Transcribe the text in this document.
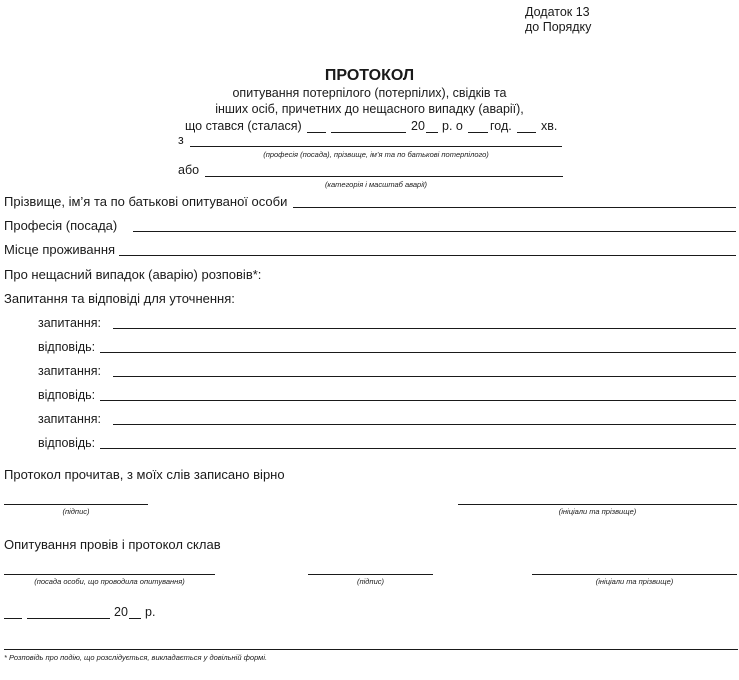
Додаток 13
до Порядку
ПРОТОКОЛ
опитування потерпілого (потерпілих), свідків та
інших осіб, причетних до нещасного випадку (аварії),
що стався (сталася)	20 р. о год. хв.
з
(професія (посада), прізвище, ім’я та по батькові потерпілого)
або
(категорія і масштаб аварії)
Прізвище, ім’я та по батькові опитуваної особи
Професія (посада)
Місце проживання
Про нещасний випадок (аварію) розповів*:
Запитання та відповіді для уточнення:
запитання:
відповідь:
запитання:
відповідь:
запитання:
відповідь:
Протокол прочитав, з моїх слів записано вірно
(підпис)	(ініціали та прізвище)
Опитування провів і протокол склав
(посада особи, що проводила опитування)	(підпис)	(ініціали та прізвище)
20 р.
* Розповідь про подію, що розслідується, викладається у довільній формі.
